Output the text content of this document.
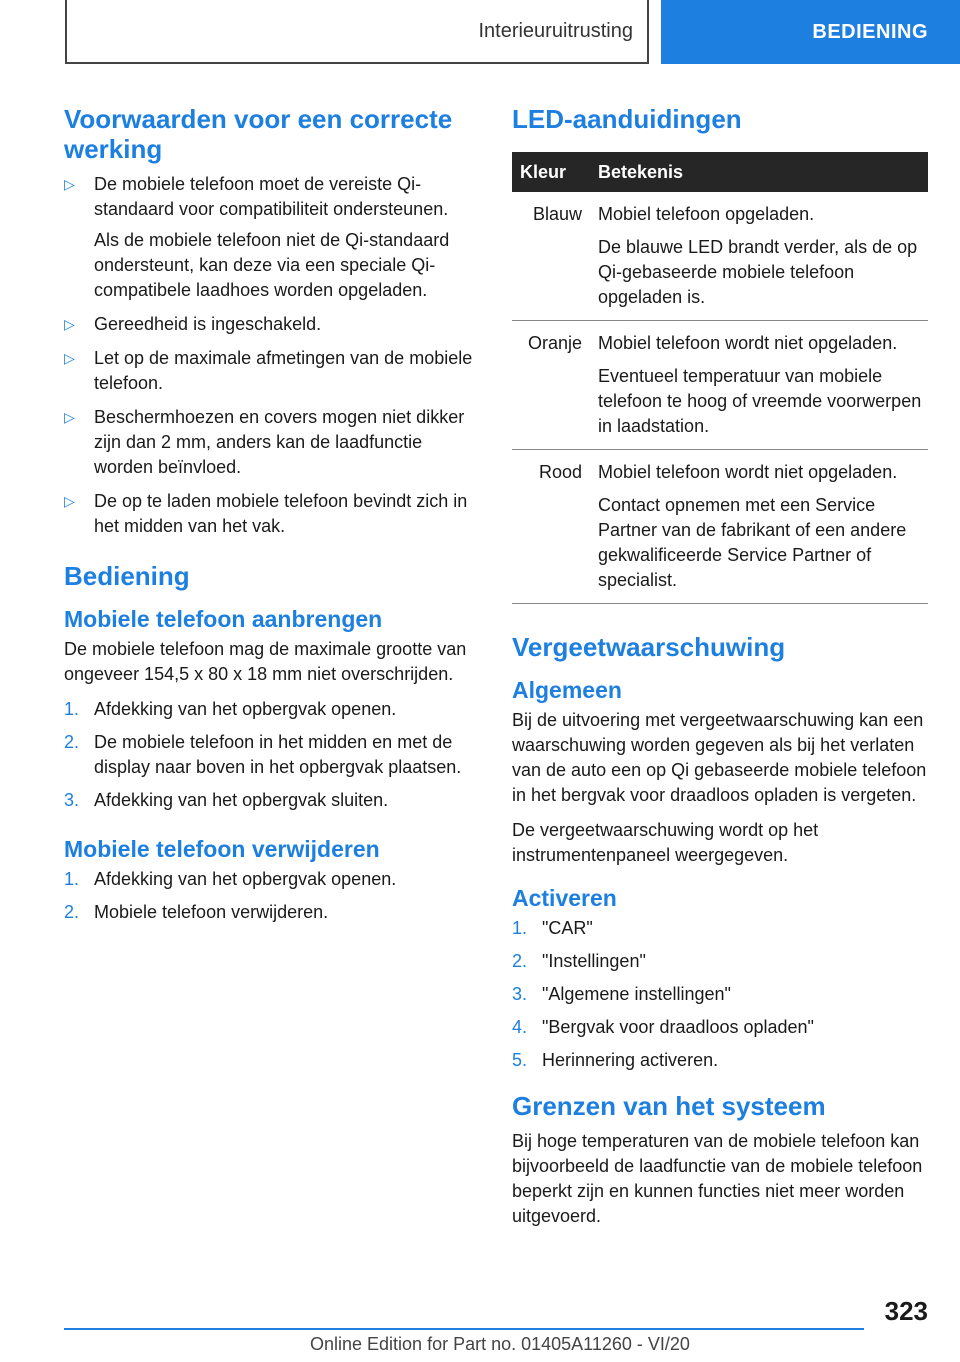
Interieuruitrusting	BEDIENING
Voorwaarden voor een correcte werking
▷ De mobiele telefoon moet de vereiste Qi-standaard voor compatibiliteit ondersteunen.

Als de mobiele telefoon niet de Qi-standaard ondersteunt, kan deze via een speciale Qi-compatibele laadhoes worden opgeladen.

▷ Gereedheid is ingeschakeld.
▷ Let op de maximale afmetingen van de mobiele telefoon.
▷ Beschermhoezen en covers mogen niet dikker zijn dan 2 mm, anders kan de laadfunctie worden beïnvloed.
▷ De op te laden mobiele telefoon bevindt zich in het midden van het vak.
Bediening
Mobiele telefoon aanbrengen

De mobiele telefoon mag de maximale grootte van ongeveer 154,5 x 80 x 18 mm niet overschrijden.

1. Afdekking van het opbergvak openen.
2. De mobiele telefoon in het midden en met de display naar boven in het opbergvak plaatsen.
3. Afdekking van het opbergvak sluiten.
Mobiele telefoon verwijderen
1. Afdekking van het opbergvak openen.
2. Mobiele telefoon verwijderen.
LED-aanduidingen
Kleur	Betekenis
Blauw	Mobiel telefoon opgeladen.

De blauwe LED brandt verder, als de op Qi-gebaseerde mobiele telefoon opgeladen is.

Oranje	Mobiel telefoon wordt niet opgeladen.

Eventueel temperatuur van mobiele telefoon te hoog of vreemde voorwerpen in laadstation.

Rood	Mobiel telefoon wordt niet opgeladen.

Contact opnemen met een Service Partner van de fabrikant of een andere gekwalificeerde Service Partner of specialist.

Vergeetwaarschuwing
Algemeen

Bij de uitvoering met vergeetwaarschuwing kan een waarschuwing worden gegeven als bij het verlaten van de auto een op Qi gebaseerde mobiele telefoon in het bergvak voor draadloos opladen is vergeten.

De vergeetwaarschuwing wordt op het instrumentenpaneel weergegeven.

Activeren
1. "CAR"
2. "Instellingen"
3. "Algemene instellingen"
4. "Bergvak voor draadloos opladen"
5. Herinnering activeren.
Grenzen van het systeem

Bij hoge temperaturen van de mobiele telefoon kan bijvoorbeeld de laadfunctie van de mobiele telefoon beperkt zijn en kunnen functies niet meer worden uitgevoerd.

323
Online Edition for Part no. 01405A11260 - VI/20
